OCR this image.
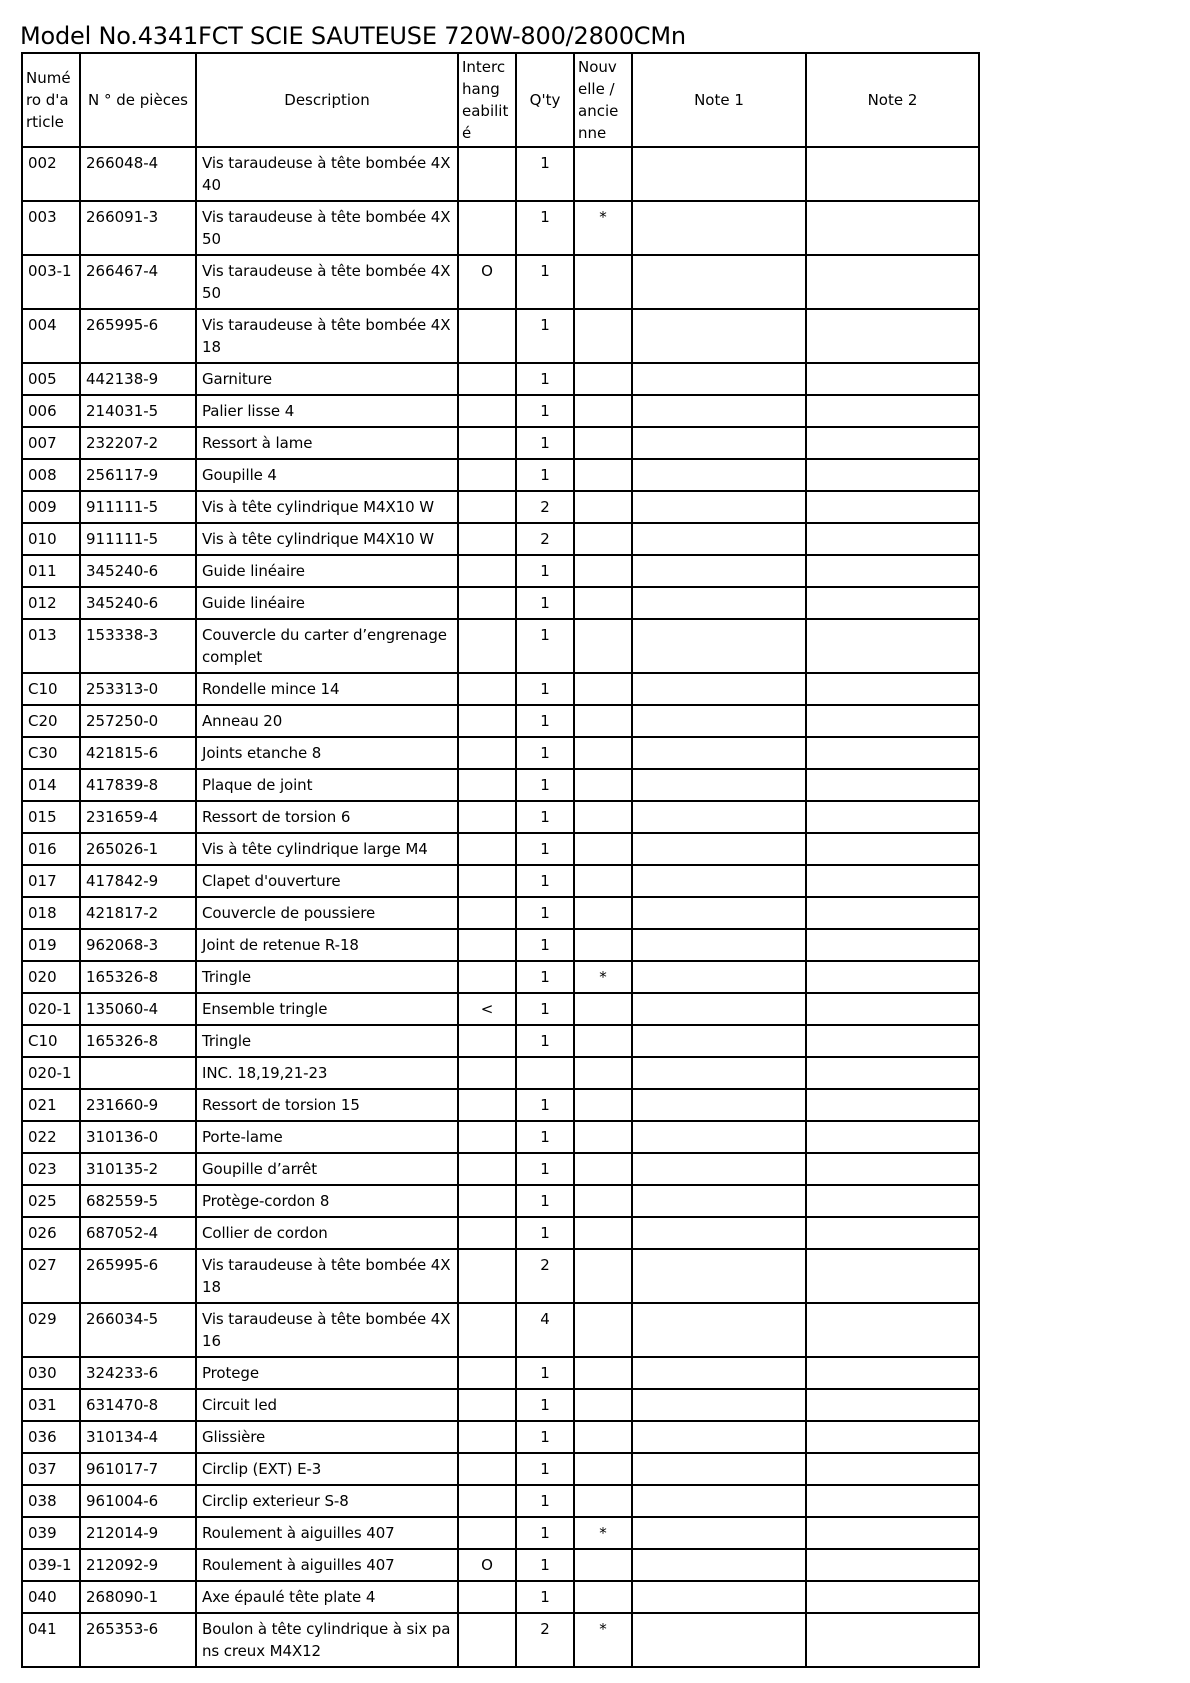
Model No.4341FCT SCIE SAUTEUSE 720W-800/2800CMn
Numé
ro d'a
rticle	N ° de pièces	Description	Interc
hang
eabilit
é	Q'ty	Nouv
elle /
ancie
nne	Note 1	Note 2
002	266048-4	Vis taraudeuse à tête bombée 4X 40		1			
003	266091-3	Vis taraudeuse à tête bombée 4X 50		1	*		
003-1	266467-4	Vis taraudeuse à tête bombée 4X 50	O	1			
004	265995-6	Vis taraudeuse à tête bombée 4X 18		1			
005	442138-9	Garniture		1			
006	214031-5	Palier lisse 4		1			
007	232207-2	Ressort à lame		1			
008	256117-9	Goupille 4		1			
009	911111-5	Vis à tête cylindrique M4X10 W		2			
010	911111-5	Vis à tête cylindrique M4X10 W		2			
011	345240-6	Guide linéaire		1			
012	345240-6	Guide linéaire		1			
013	153338-3	Couvercle du carter d’engrenage complet		1			
C10	253313-0	Rondelle mince 14		1			
C20	257250-0	Anneau 20		1			
C30	421815-6	Joints etanche 8		1			
014	417839-8	Plaque de joint		1			
015	231659-4	Ressort de torsion 6		1			
016	265026-1	Vis à tête cylindrique large M4		1			
017	417842-9	Clapet d'ouverture		1			
018	421817-2	Couvercle de poussiere		1			
019	962068-3	Joint de retenue R-18		1			
020	165326-8	Tringle		1	*		
020-1	135060-4	Ensemble tringle	<	1			
C10	165326-8	Tringle		1			
020-1		INC. 18,19,21-23					
021	231660-9	Ressort de torsion 15		1			
022	310136-0	Porte-lame		1			
023	310135-2	Goupille d’arrêt		1			
025	682559-5	Protège-cordon 8		1			
026	687052-4	Collier de cordon		1			
027	265995-6	Vis taraudeuse à tête bombée 4X 18		2			
029	266034-5	Vis taraudeuse à tête bombée 4X 16		4			
030	324233-6	Protege		1			
031	631470-8	Circuit led		1			
036	310134-4	Glissière		1			
037	961017-7	Circlip (EXT) E-3		1			
038	961004-6	Circlip exterieur S-8		1			
039	212014-9	Roulement à aiguilles 407		1	*		
039-1	212092-9	Roulement à aiguilles 407	O	1			
040	268090-1	Axe épaulé tête plate 4		1			
041	265353-6	Boulon à tête cylindrique à six pa ns creux M4X12		2	*		
